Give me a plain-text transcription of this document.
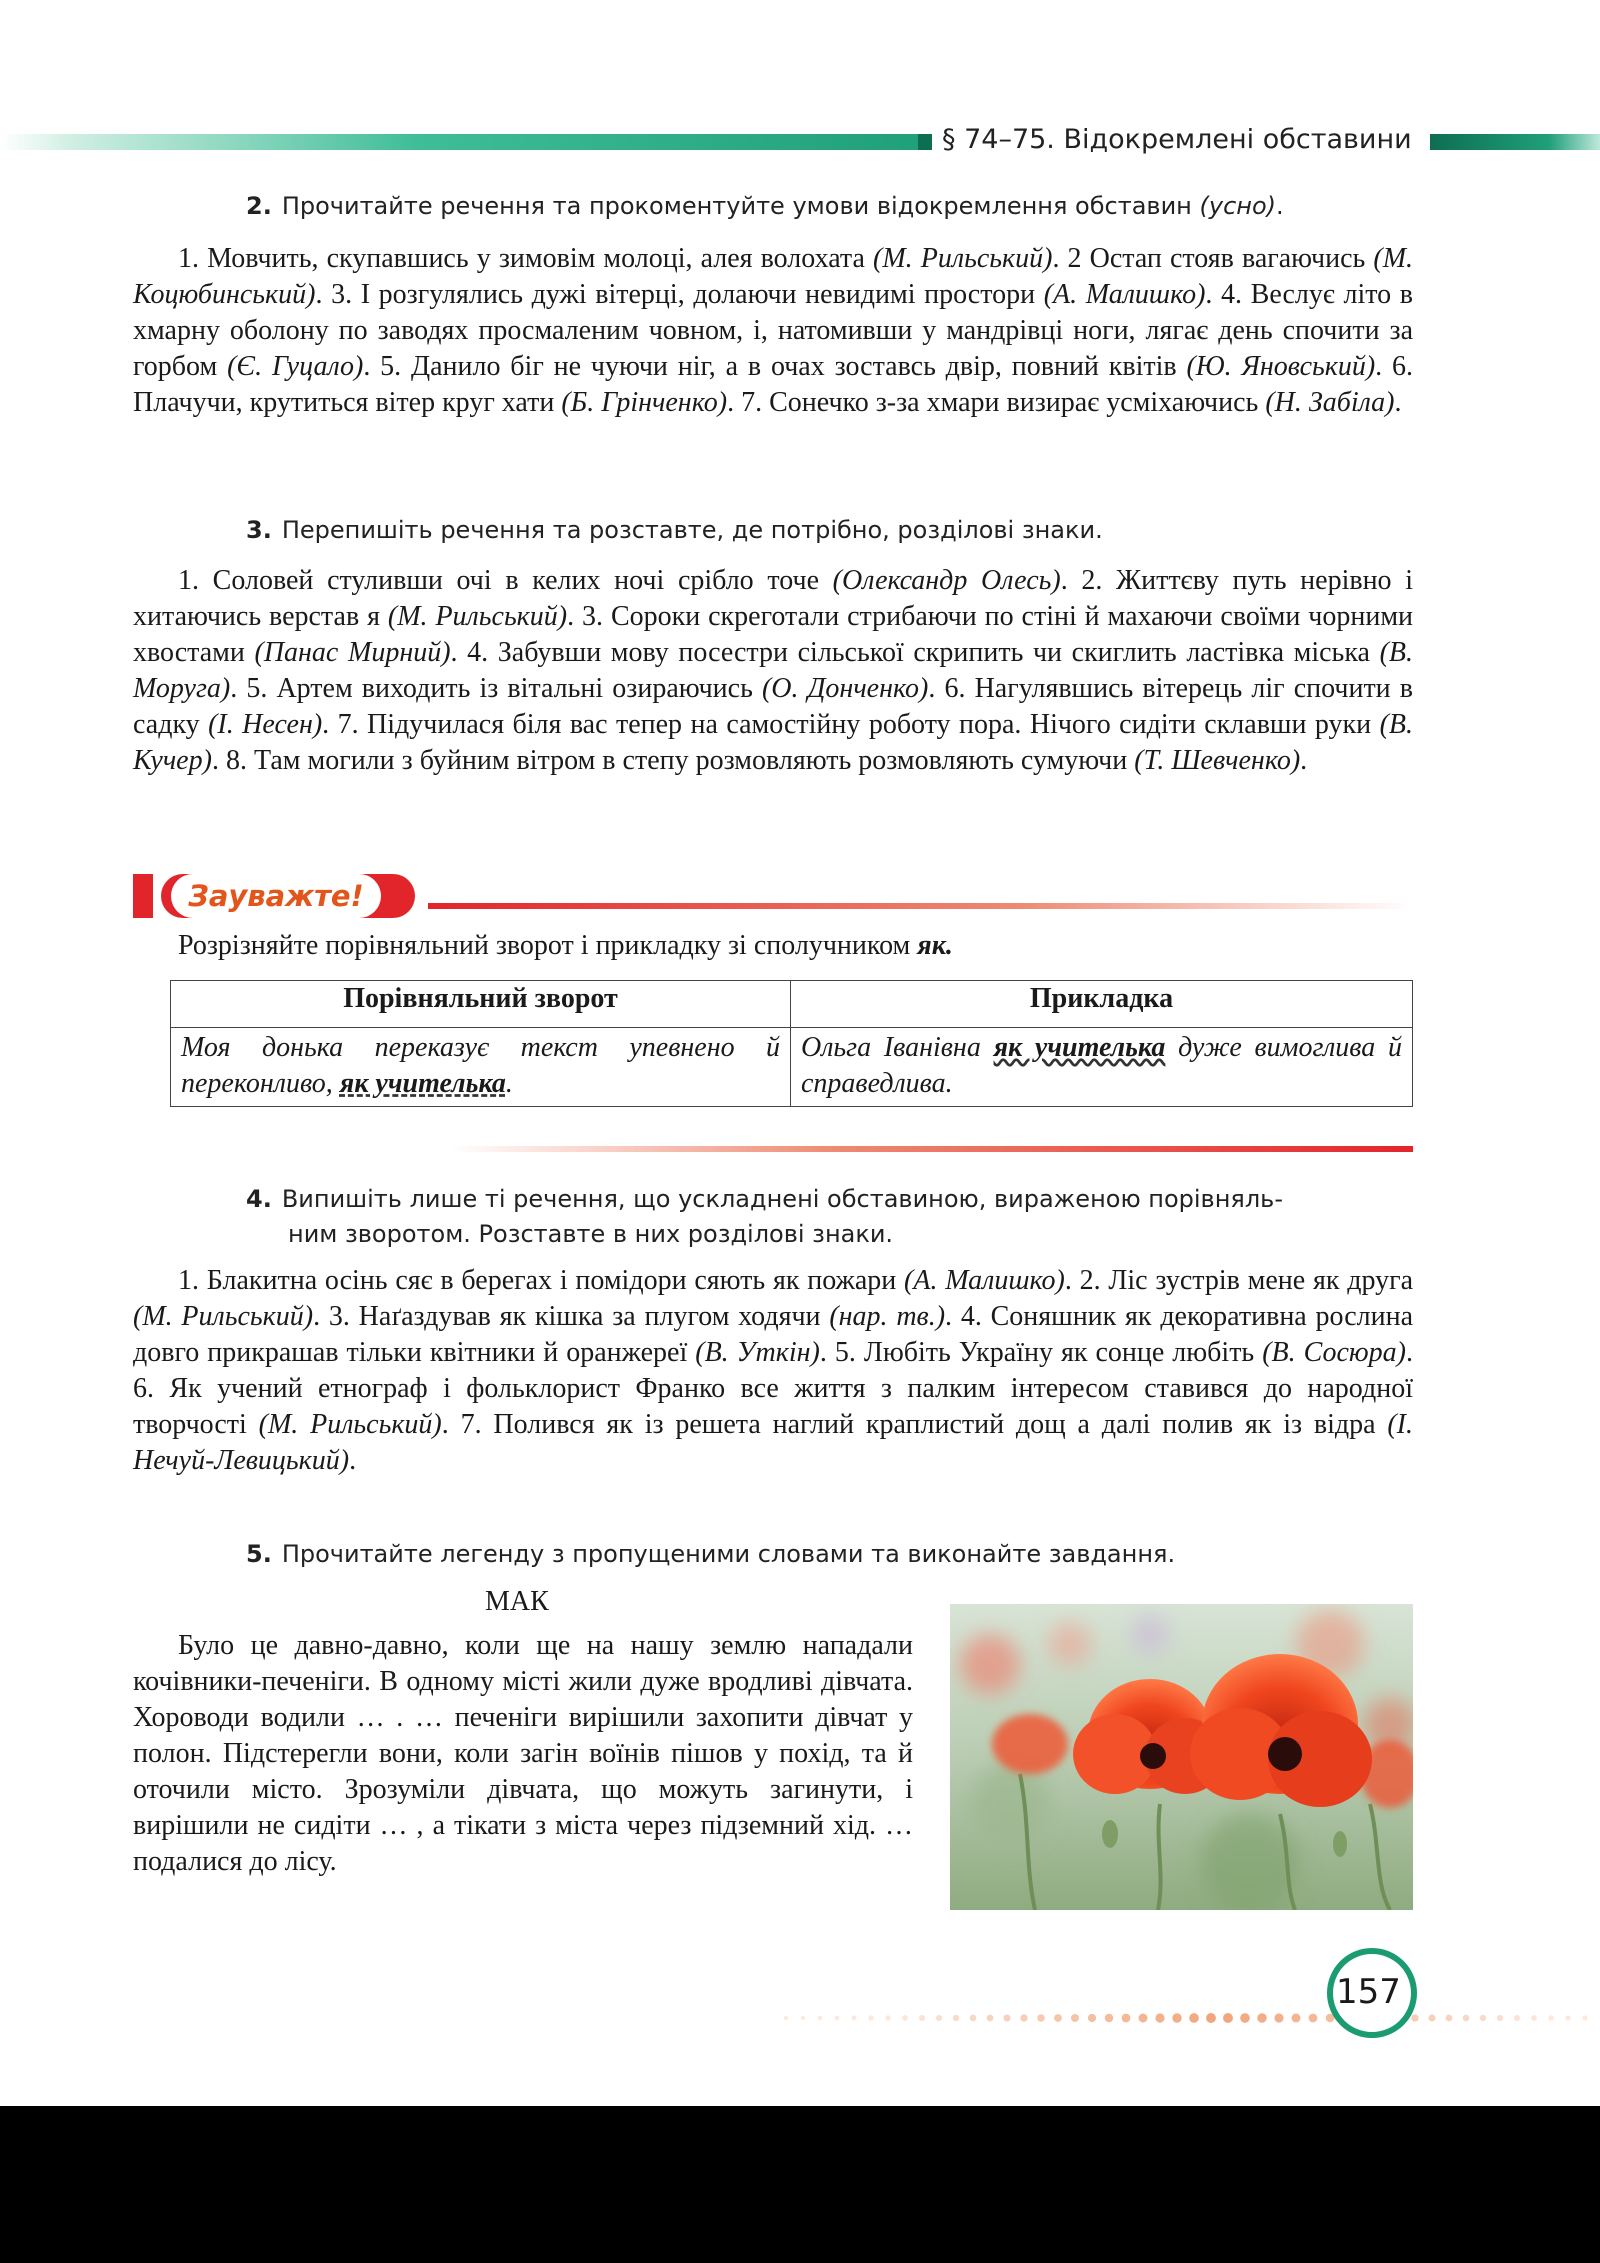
§ 74–75. Відокремлені обставини
2. Прочитайте речення та прокоментуйте умови відокремлення обставин (усно).
1. Мовчить, скупавшись у зимовім молоці, алея волохата (М. Рильський). 2 Остап стояв вагаючись (М. Коцюбинський). 3. І розгулялись дужі вітерці, долаючи невидимі простори (А. Малишко). 4. Веслує літо в хмарну оболону по заводях просмаленим човном, і, натомивши у мандрівці ноги, лягає день спочити за горбом (Є. Гуцало). 5. Данило біг не чуючи ніг, а в очах зоставсь двір, повний квітів (Ю. Яновський). 6. Плачучи, крутиться вітер круг хати (Б. Грінченко). 7. Сонечко з-за хмари визирає усміхаючись (Н. Забіла).
3. Перепишіть речення та розставте, де потрібно, розділові знаки.
1. Соловей стуливши очі в келих ночі срібло точе (Олександр Олесь). 2. Життєву путь нерівно і хитаючись верстав я (М. Рильський). 3. Сороки скреготали стрибаючи по стіні й махаючи своїми чорними хвостами (Панас Мирний). 4. Забувши мову посестри сільської скрипить чи скиглить ластівка міська (В. Моруга). 5. Артем виходить із вітальні озираючись (О. Донченко). 6. Нагулявшись вітерець ліг спочити в садку (І. Несен). 7. Підучилася біля вас тепер на самостійну роботу пора. Нічого сидіти склавши руки (В. Кучер). 8. Там могили з буйним вітром в степу розмовляють розмовляють сумуючи (Т. Шевченко).
Зауважте!
Розрізняйте порівняльний зворот і прикладку зі сполучником як.
Порівняльний зворот	Прикладка
Моя донька переказує текст упевнено й переконливо, як учителька.	Ольга Іванівна як учителька дуже вимоглива й справедлива.
4. Випишіть лише ті речення, що ускладнені обставиною, вираженою порівняль-
ним зворотом. Розставте в них розділові знаки.
1. Блакитна осінь сяє в берегах і помідори сяють як пожари (А. Малишко). 2. Ліс зустрів мене як друга (М. Рильський). 3. Наґаздував як кішка за плугом ходячи (нар. тв.). 4. Соняшник як декоративна рослина довго прикрашав тільки квітники й оранжереї (В. Уткін). 5. Любіть Україну як сонце любіть (В. Сосюра). 6. Як учений етнограф і фольклорист Франко все життя з палким інтересом ставився до народної творчості (М. Рильський). 7. Полився як із решета наглий краплистий дощ а далі полив як із відра (І. Нечуй-Левицький).
5. Прочитайте легенду з пропущеними словами та виконайте завдання.
МАК
Було це давно-давно, коли ще на нашу землю нападали кочівники-печеніги. В одному місті жили дуже вродливі дівчата. Хороводи водили … . … печеніги вирішили захопити дівчат у полон. Підстерегли вони, коли загін воїнів пішов у похід, та й оточили місто. Зрозуміли дівчата, що можуть загинути, і вирішили не сидіти … , а тікати з міста через підземний хід. … подалися до лісу.
157
